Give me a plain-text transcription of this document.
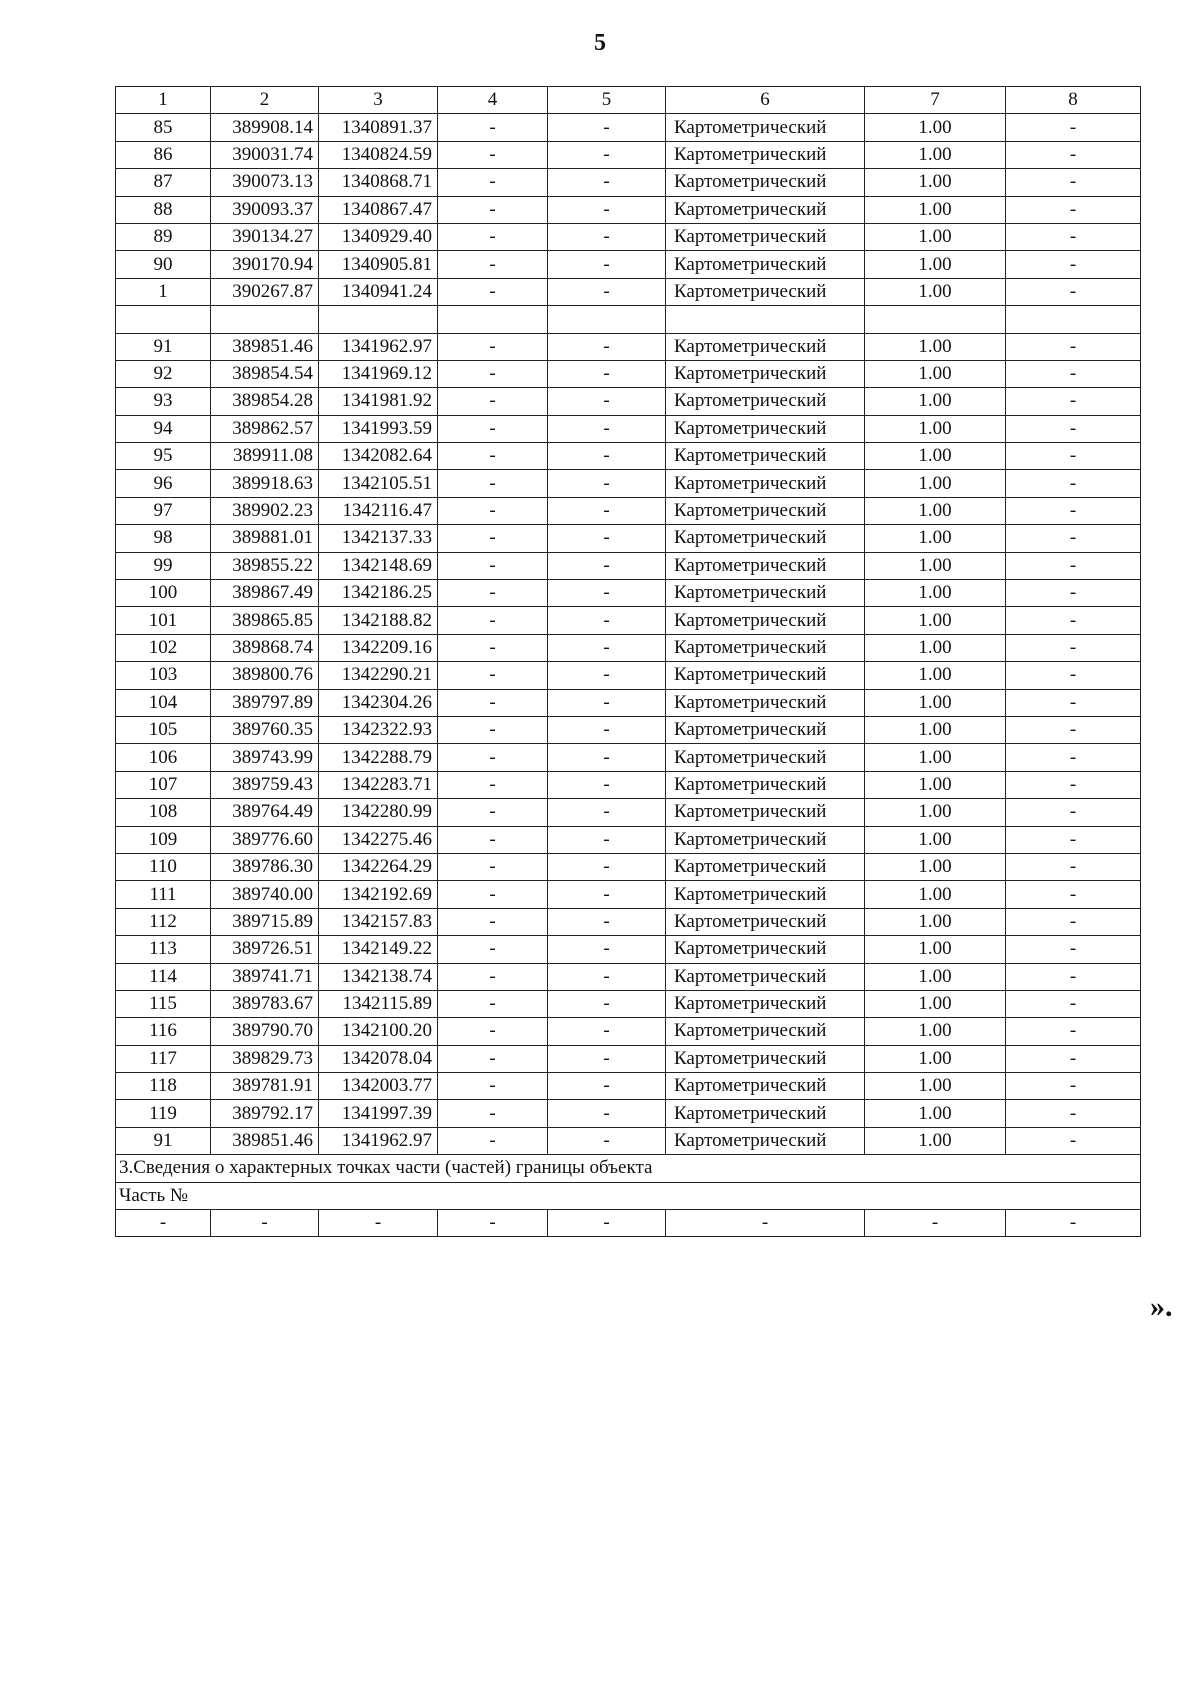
5
1	2	3	4	5	6	7	8
85	389908.14	1340891.37	-	-	Картометрический	1.00	-
86	390031.74	1340824.59	-	-	Картометрический	1.00	-
87	390073.13	1340868.71	-	-	Картометрический	1.00	-
88	390093.37	1340867.47	-	-	Картометрический	1.00	-
89	390134.27	1340929.40	-	-	Картометрический	1.00	-
90	390170.94	1340905.81	-	-	Картометрический	1.00	-
1	390267.87	1340941.24	-	-	Картометрический	1.00	-

91	389851.46	1341962.97	-	-	Картометрический	1.00	-
92	389854.54	1341969.12	-	-	Картометрический	1.00	-
93	389854.28	1341981.92	-	-	Картометрический	1.00	-
94	389862.57	1341993.59	-	-	Картометрический	1.00	-
95	389911.08	1342082.64	-	-	Картометрический	1.00	-
96	389918.63	1342105.51	-	-	Картометрический	1.00	-
97	389902.23	1342116.47	-	-	Картометрический	1.00	-
98	389881.01	1342137.33	-	-	Картометрический	1.00	-
99	389855.22	1342148.69	-	-	Картометрический	1.00	-
100	389867.49	1342186.25	-	-	Картометрический	1.00	-
101	389865.85	1342188.82	-	-	Картометрический	1.00	-
102	389868.74	1342209.16	-	-	Картометрический	1.00	-
103	389800.76	1342290.21	-	-	Картометрический	1.00	-
104	389797.89	1342304.26	-	-	Картометрический	1.00	-
105	389760.35	1342322.93	-	-	Картометрический	1.00	-
106	389743.99	1342288.79	-	-	Картометрический	1.00	-
107	389759.43	1342283.71	-	-	Картометрический	1.00	-
108	389764.49	1342280.99	-	-	Картометрический	1.00	-
109	389776.60	1342275.46	-	-	Картометрический	1.00	-
110	389786.30	1342264.29	-	-	Картометрический	1.00	-
111	389740.00	1342192.69	-	-	Картометрический	1.00	-
112	389715.89	1342157.83	-	-	Картометрический	1.00	-
113	389726.51	1342149.22	-	-	Картометрический	1.00	-
114	389741.71	1342138.74	-	-	Картометрический	1.00	-
115	389783.67	1342115.89	-	-	Картометрический	1.00	-
116	389790.70	1342100.20	-	-	Картометрический	1.00	-
117	389829.73	1342078.04	-	-	Картометрический	1.00	-
118	389781.91	1342003.77	-	-	Картометрический	1.00	-
119	389792.17	1341997.39	-	-	Картометрический	1.00	-
91	389851.46	1341962.97	-	-	Картометрический	1.00	-
3.Сведения о характерных точках части (частей) границы объекта							
Часть №							
-	-	-	-	-	-	-	-
».
